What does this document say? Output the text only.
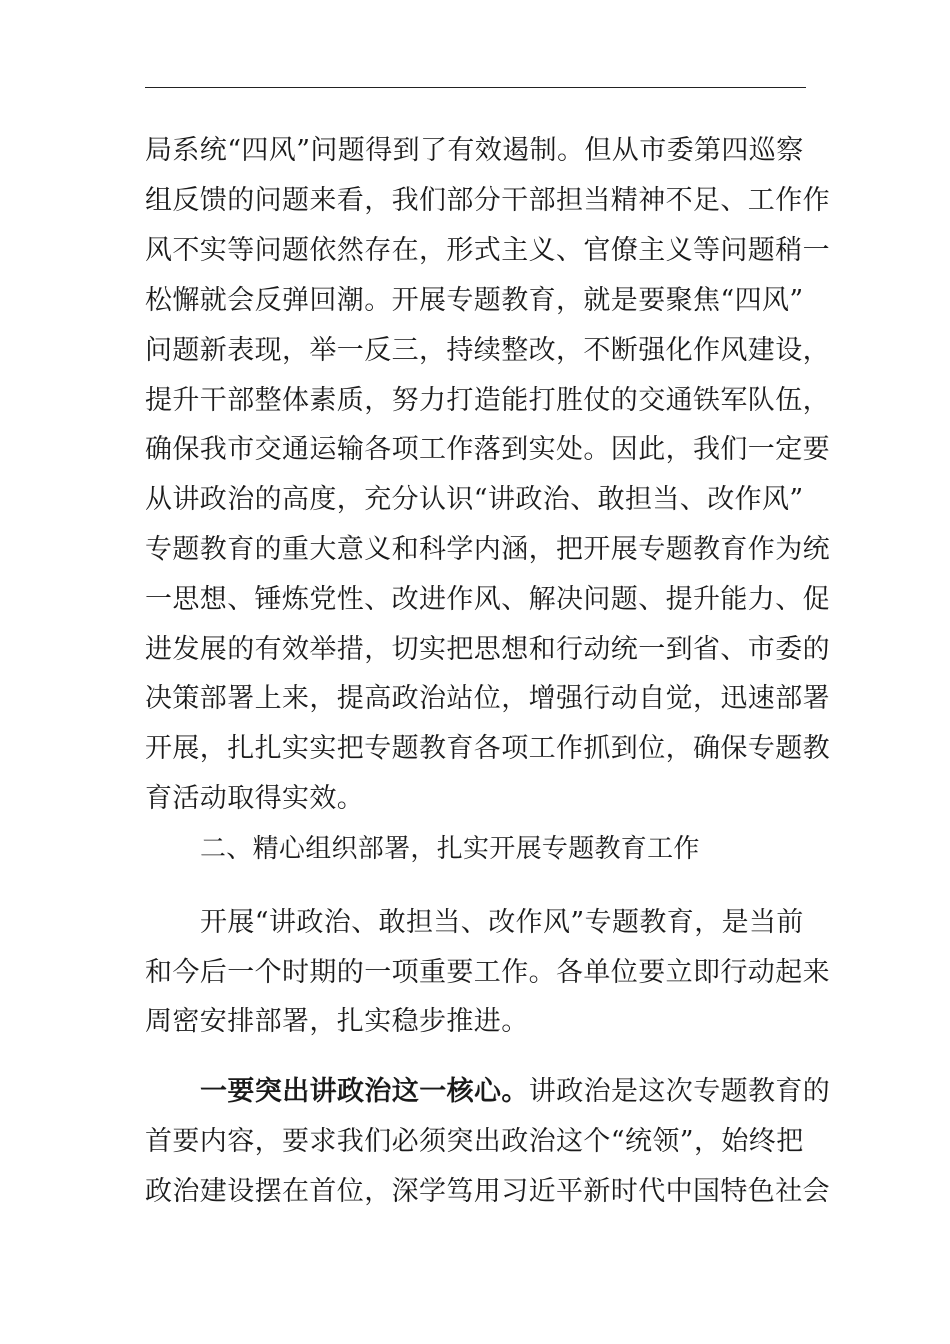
局系统“四风”问题得到了有效遏制。但从市委第四巡察
组反馈的问题来看，我们部分干部担当精神不足、工作作
风不实等问题依然存在，形式主义、官僚主义等问题稍一
松懈就会反弹回潮。开展专题教育，就是要聚焦“四风”
问题新表现，举一反三，持续整改，不断强化作风建设，
提升干部整体素质，努力打造能打胜仗的交通铁军队伍，
确保我市交通运输各项工作落到实处。因此，我们一定要
从讲政治的高度，充分认识“讲政治、敢担当、改作风”
专题教育的重大意义和科学内涵，把开展专题教育作为统
一思想、锤炼党性、改进作风、解决问题、提升能力、促
进发展的有效举措，切实把思想和行动统一到省、市委的
决策部署上来，提高政治站位，增强行动自觉，迅速部署
开展，扎扎实实把专题教育各项工作抓到位，确保专题教
育活动取得实效。
二、精心组织部署，扎实开展专题教育工作
开展“讲政治、敢担当、改作风”专题教育，是当前
和今后一个时期的一项重要工作。各单位要立即行动起来
周密安排部署，扎实稳步推进。
一要突出讲政治这一核心。讲政治是这次专题教育的
首要内容，要求我们必须突出政治这个“统领”，始终把
政治建设摆在首位，深学笃用习近平新时代中国特色社会
